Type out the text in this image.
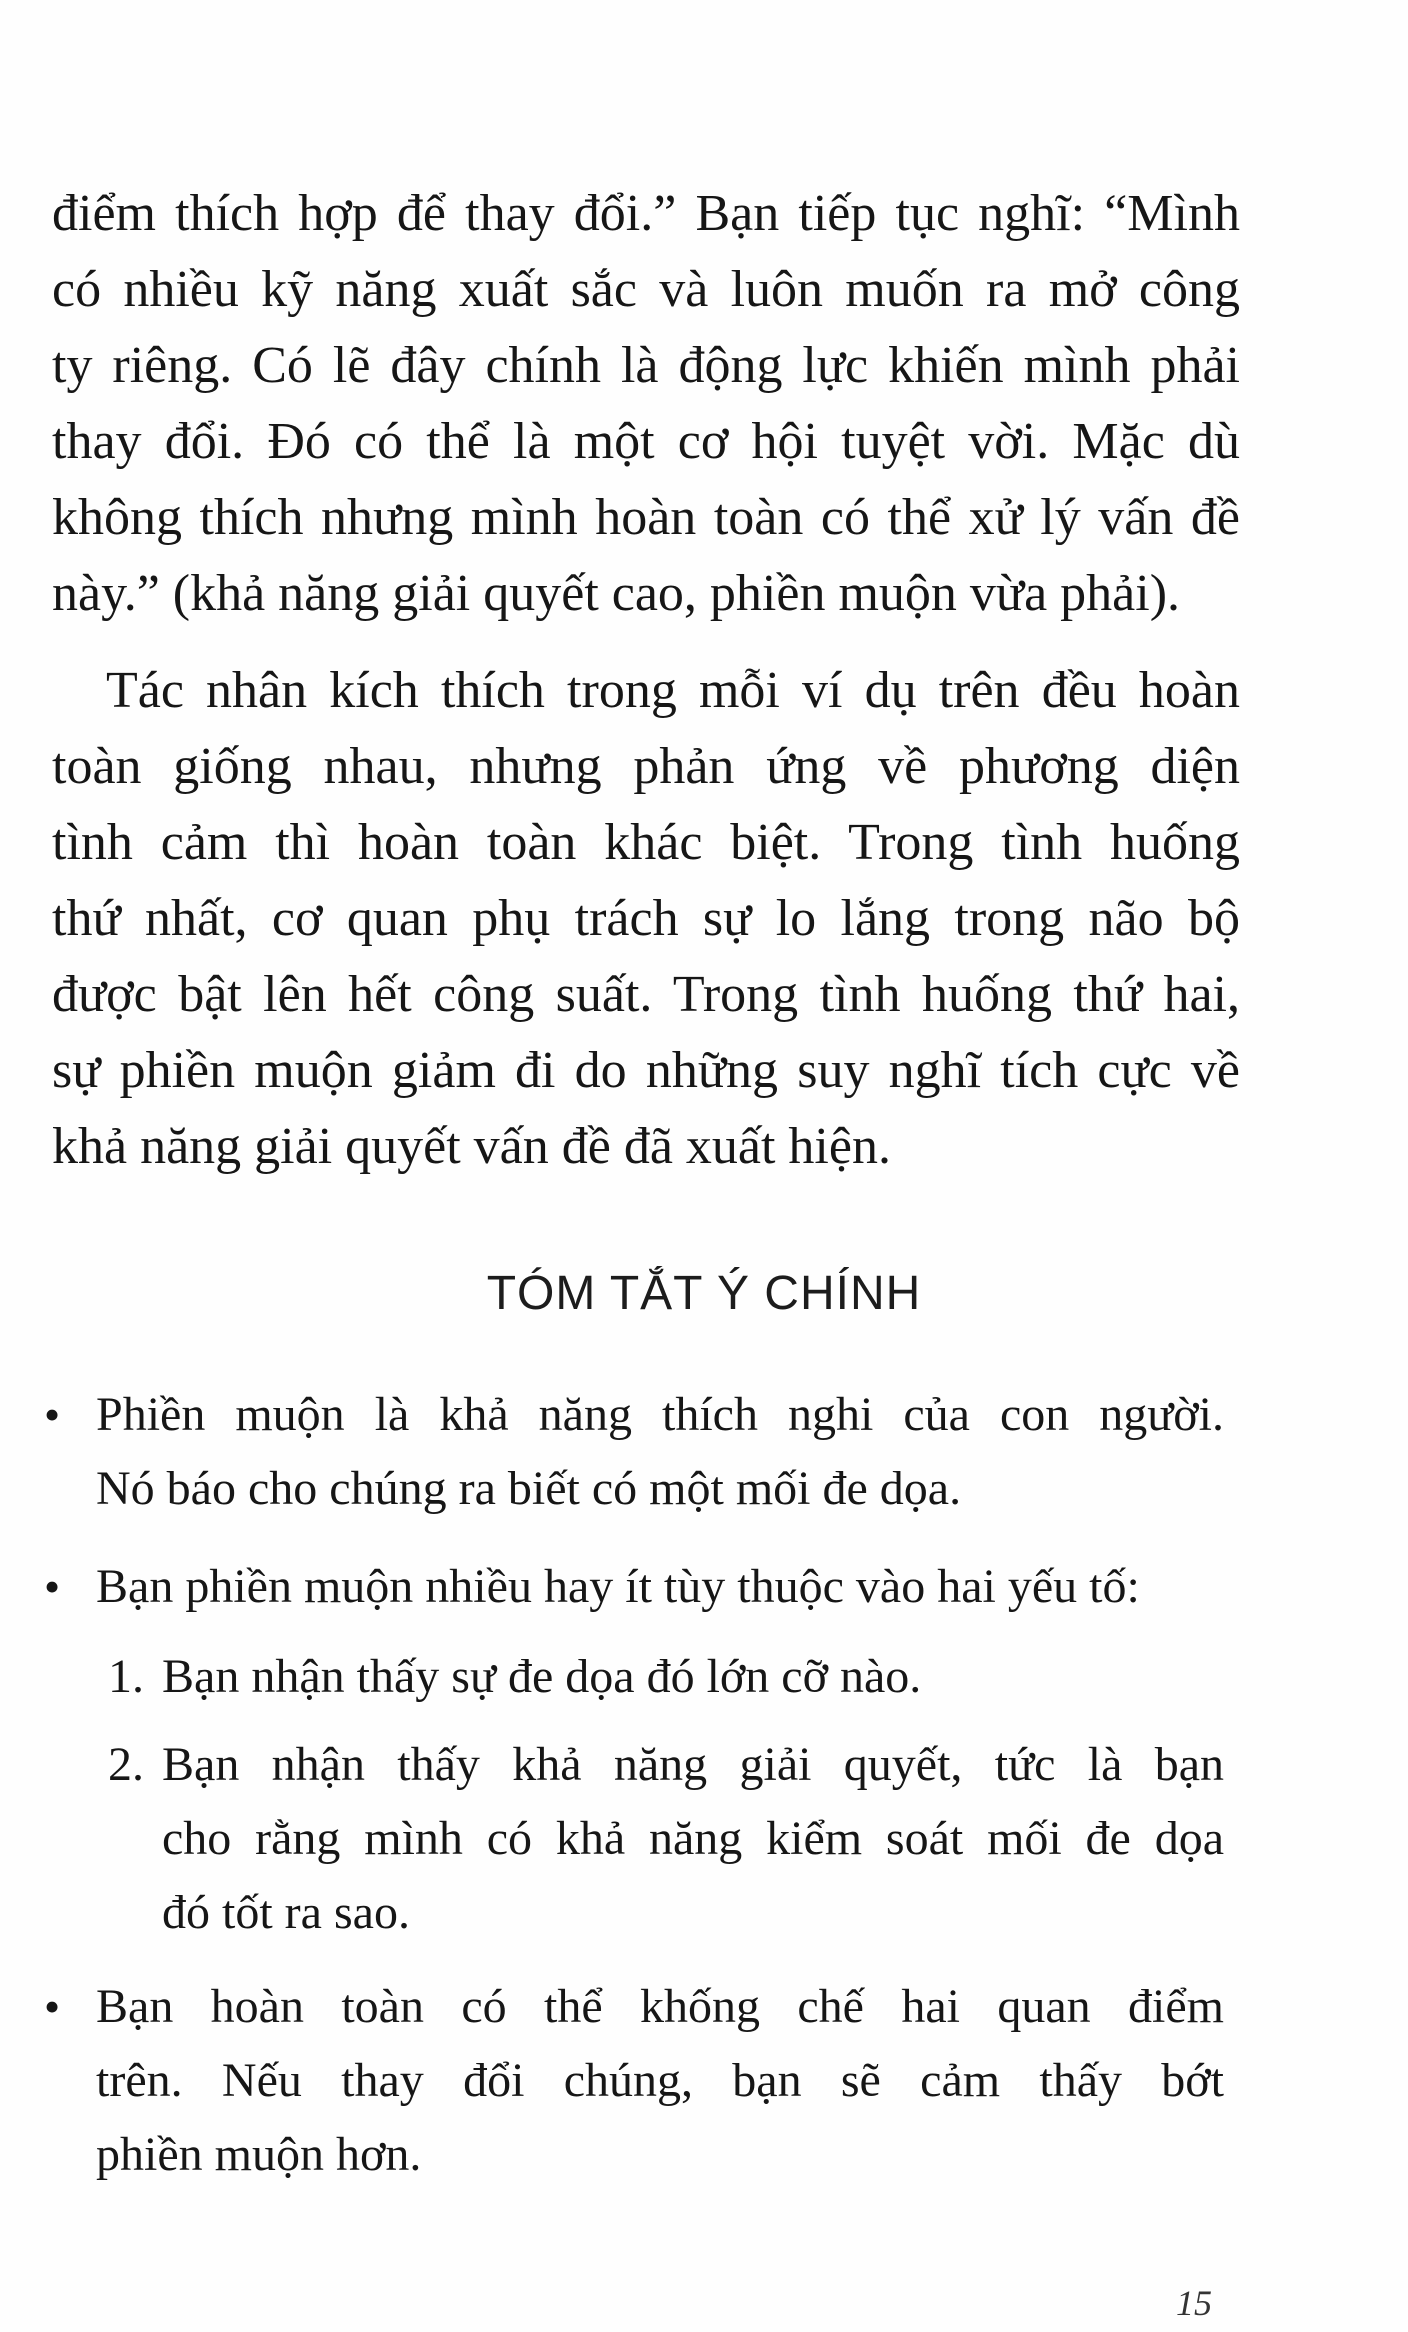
điểm thích hợp để thay đổi.” Bạn tiếp tục nghĩ: “Mình
có nhiều kỹ năng xuất sắc và luôn muốn ra mở công
ty riêng. Có lẽ đây chính là động lực khiến mình phải
thay đổi. Đó có thể là một cơ hội tuyệt vời. Mặc dù
không thích nhưng mình hoàn toàn có thể xử lý vấn đề
này.” (khả năng giải quyết cao, phiền muộn vừa phải).
Tác nhân kích thích trong mỗi ví dụ trên đều hoàn
toàn giống nhau, nhưng phản ứng về phương diện
tình cảm thì hoàn toàn khác biệt. Trong tình huống
thứ nhất, cơ quan phụ trách sự lo lắng trong não bộ
được bật lên hết công suất. Trong tình huống thứ hai,
sự phiền muộn giảm đi do những suy nghĩ tích cực về
khả năng giải quyết vấn đề đã xuất hiện.
TÓM TẮT Ý CHÍNH
• Phiền muộn là khả năng thích nghi của con người.
Nó báo cho chúng ra biết có một mối đe dọa.
• Bạn phiền muộn nhiều hay ít tùy thuộc vào hai yếu tố:
1. Bạn nhận thấy sự đe dọa đó lớn cỡ nào.
2. Bạn nhận thấy khả năng giải quyết, tức là bạn
cho rằng mình có khả năng kiểm soát mối đe dọa
đó tốt ra sao.
• Bạn hoàn toàn có thể khống chế hai quan điểm
trên. Nếu thay đổi chúng, bạn sẽ cảm thấy bớt
phiền muộn hơn.
15
